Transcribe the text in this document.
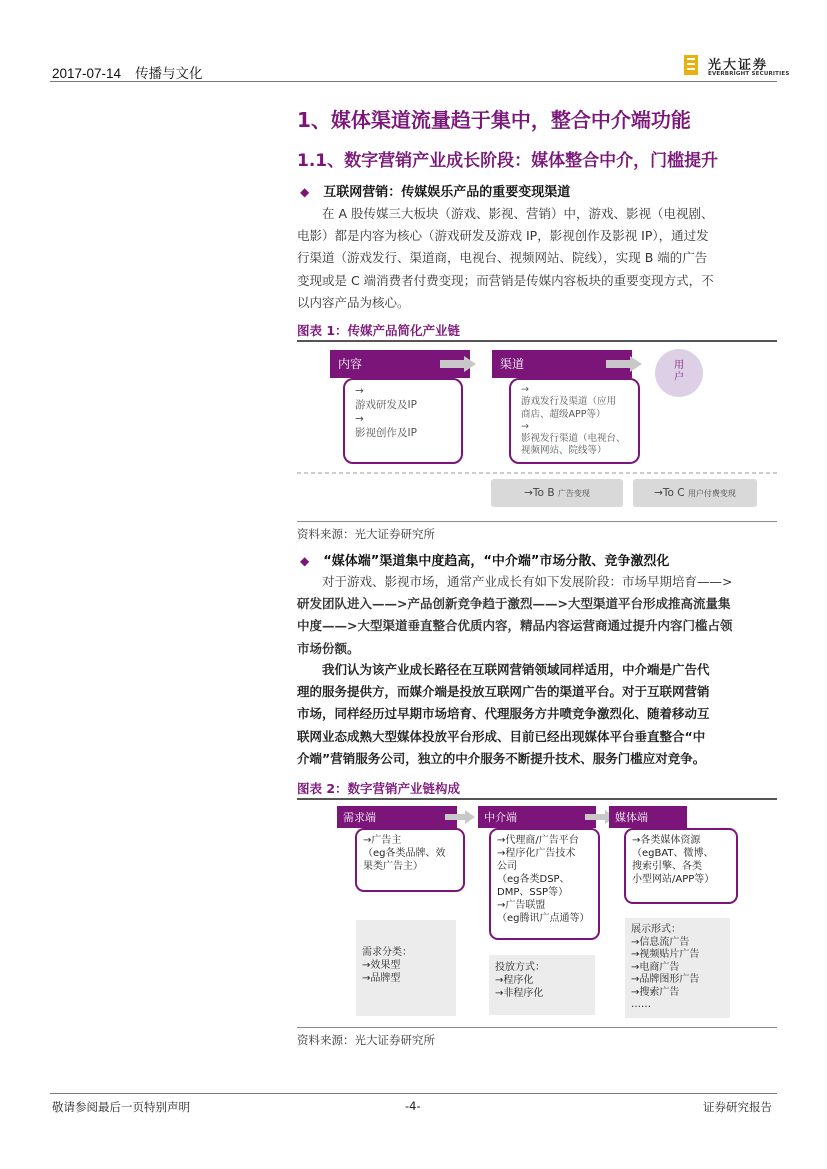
2017-07-14 传播与文化
光大证券
EVERBRIGHT SECURITIES
1、媒体渠道流量趋于集中，整合中介端功能
1.1、数字营销产业成长阶段：媒体整合中介，门槛提升
◆ 互联网营销：传媒娱乐产品的重要变现渠道
　　在 A 股传媒三大板块（游戏、影视、营销）中，游戏、影视（电视剧、
电影）都是内容为核心（游戏研发及游戏 IP，影视创作及影视 IP），通过发
行渠道（游戏发行、渠道商，电视台、视频网站、院线），实现 B 端的广告
变现或是 C 端消费者付费变现；而营销是传媒内容板块的重要变现方式，不
以内容产品为核心。
图表 1：传媒产品简化产业链
内容
→
游戏研发及IP
→
影视创作及IP
渠道
→
游戏发行及渠道（应用
商店、超级APP等）
→
影视发行渠道（电视台、
视频网站、院线等）
用
户
→To B 广告变现	→To C 用户付费变现
资料来源：光大证券研究所
◆ “媒体端”渠道集中度趋高，“中介端”市场分散、竞争激烈化
　　对于游戏、影视市场，通常产业成长有如下发展阶段：市场早期培育——>
研发团队进入——>产品创新竞争趋于激烈——>大型渠道平台形成推高流量集
中度——>大型渠道垂直整合优质内容，精品内容运营商通过提升内容门槛占领
市场份额。
　　我们认为该产业成长路径在互联网营销领域同样适用，中介端是广告代
理的服务提供方，而媒介端是投放互联网广告的渠道平台。对于互联网营销
市场，同样经历过早期市场培育、代理服务方井喷竞争激烈化、随着移动互
联网业态成熟大型媒体投放平台形成、目前已经出现媒体平台垂直整合“中
介端”营销服务公司，独立的中介服务不断提升技术、服务门槛应对竞争。
图表 2：数字营销产业链构成
需求端
→广告主
（eg各类品牌、效
果类广告主）
需求分类：
→效果型
→品牌型
中介端
→代理商/广告平台
→程序化广告技术
公司
（eg各类DSP、
DMP、SSP等）
→广告联盟
（eg腾讯广点通等）
投放方式：
→程序化
→非程序化
媒体端
→各类媒体资源
（egBAT、微博、
搜索引擎、各类
小型网站/APP等）
展示形式：
→信息流广告
→视频贴片广告
→电商广告
→品牌图形广告
→搜索广告
……
资料来源：光大证券研究所
敬请参阅最后一页特别声明	-4-	证券研究报告
